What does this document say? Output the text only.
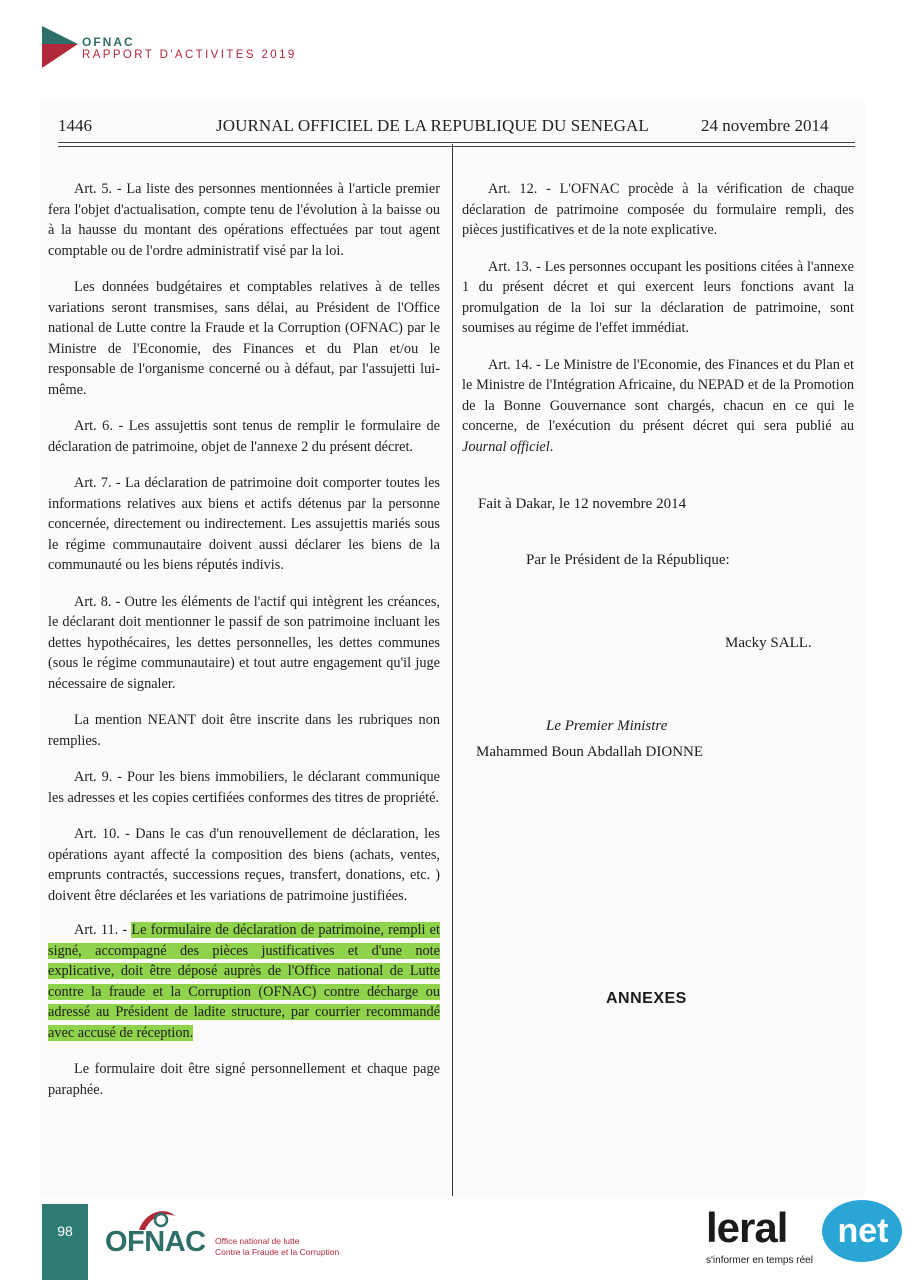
OFNAC
RAPPORT D'ACTIVITES 2019
1446	JOURNAL OFFICIEL DE LA REPUBLIQUE DU SENEGAL	24 novembre 2014

Art. 5. - La liste des personnes mentionnées à l'article premier fera l'objet d'actualisation, compte tenu de l'évolution à la baisse ou à la hausse du montant des opérations effectuées par tout agent comptable ou de l'ordre administratif visé par la loi.

Les données budgétaires et comptables relatives à de telles variations seront transmises, sans délai, au Président de l'Office national de Lutte contre la Fraude et la Corruption (OFNAC) par le Ministre de l'Economie, des Finances et du Plan et/ou le responsable de l'organisme concerné ou à défaut, par l'assujetti lui-même.

Art. 6. - Les assujettis sont tenus de remplir le formulaire de déclaration de patrimoine, objet de l'annexe 2 du présent décret.

Art. 7. - La déclaration de patrimoine doit comporter toutes les informations relatives aux biens et actifs détenus par la personne concernée, directement ou indirectement. Les assujettis mariés sous le régime communautaire doivent aussi déclarer les biens de la communauté ou les biens réputés indivis.

Art. 8. - Outre les éléments de l'actif qui intègrent les créances, le déclarant doit mentionner le passif de son patrimoine incluant les dettes hypothécaires, les dettes personnelles, les dettes communes (sous le régime communautaire) et tout autre engagement qu'il juge nécessaire de signaler.

La mention NEANT doit être inscrite dans les rubriques non remplies.

Art. 9. - Pour les biens immobiliers, le déclarant communique les adresses et les copies certifiées conformes des titres de propriété.

Art. 10. - Dans le cas d'un renouvellement de déclaration, les opérations ayant affecté la composition des biens (achats, ventes, emprunts contractés, successions reçues, transfert, donations, etc. ) doivent être déclarées et les variations de patrimoine justifiées.

Art. 11. - Le formulaire de déclaration de patrimoine, rempli et signé, accompagné des pièces justificatives et d'une note explicative, doit être déposé auprès de l'Office national de Lutte contre la fraude et la Corruption (OFNAC) contre décharge ou adressé au Président de ladite structure, par courrier recommandé avec accusé de réception.

Le formulaire doit être signé personnellement et chaque page paraphée.

Art. 12. - L'OFNAC procède à la vérification de chaque déclaration de patrimoine composée du formulaire rempli, des pièces justificatives et de la note explicative.

Art. 13. - Les personnes occupant les positions citées à l'annexe 1 du présent décret et qui exercent leurs fonctions avant la promulgation de la loi sur la déclaration de patrimoine, sont soumises au régime de l'effet immédiat.

Art. 14. - Le Ministre de l'Economie, des Finances et du Plan et le Ministre de l'Intégration Africaine, du NEPAD et de la Promotion de la Bonne Gouvernance sont chargés, chacun en ce qui le concerne, de l'exécution du présent décret qui sera publié au Journal officiel.

Fait à Dakar, le 12 novembre 2014
Par le Président de la République:
Macky SALL.
Le Premier Ministre
Mahammed Boun Abdallah DIONNE
ANNEXES
98	OFNAC Office national de lutte
Contre la Fraude et la Corruption
leral net
s'informer en temps réel
